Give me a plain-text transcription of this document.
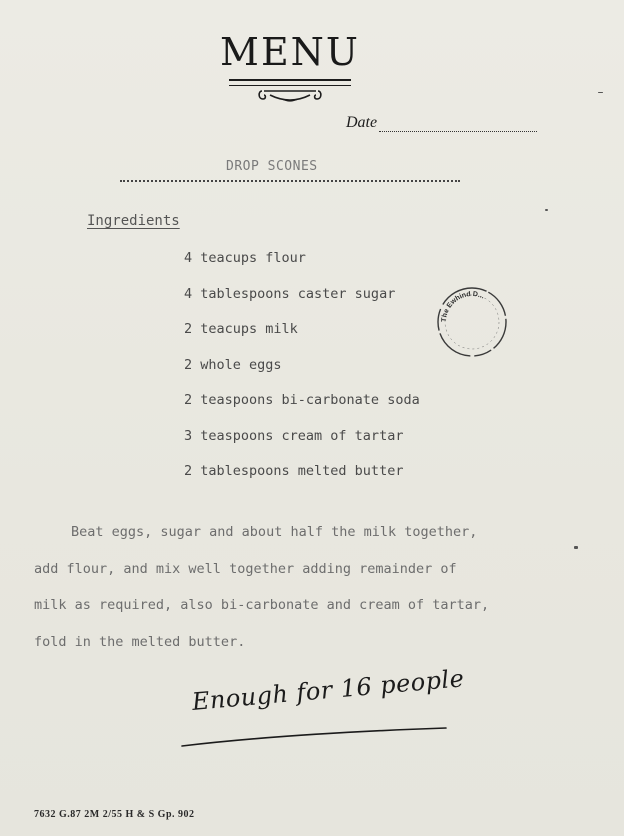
MENU
Date
DROP SCONES
Ingredients
4 teacups flour
4 tablespoons caster sugar
2 teacups milk
2 whole eggs
2 teaspoons bi-carbonate soda
3 teaspoons cream of tartar
2 tablespoons melted butter
The Ewhind D...
Beat eggs, sugar and about half the milk together,
add flour, and mix well together adding remainder of
milk as required, also bi-carbonate and cream of tartar,
fold in the melted butter.
Enough for 16 people
7632 G.87 2M 2/55 H & S Gp. 902
